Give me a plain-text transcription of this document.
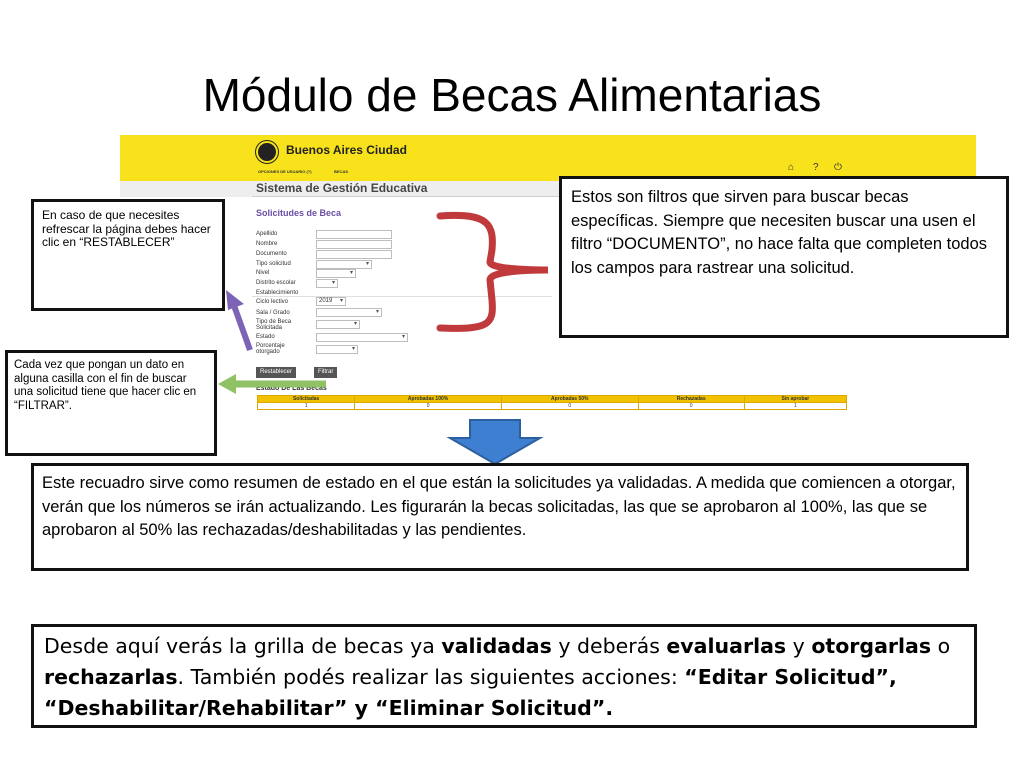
Módulo de Becas Alimentarias
Buenos Aires Ciudad
OPCIONES DE USUARIO (?)	BECAS	⌂ ? ⏻
Sistema de Gestión Educativa
Solicitudes de Beca
Apellido
Nombre
Documento
Tipo solicitud
▾
Nivel
▾
Distrito escolar
▾
Establecimiento
Ciclo lectivo	2019 ▾
Sala / Grado
▾
Tipo de Beca Solicitada
▾
Estado
▾
Porcentaje otorgado
▾
Restablecer	Filtrar
Estado De Las Becas
Solicitadas	Aprobadas 100%	Aprobadas 50%	Rechazadas	Sin aprobar
1	0	0	0	1
En caso de que necesites refrescar la página debes hacer clic en “RESTABLECER”
Estos son filtros que sirven para buscar becas específicas. Siempre que necesiten buscar una usen el filtro “DOCUMENTO”, no hace falta que completen todos los campos para rastrear una solicitud.
Cada vez que pongan un dato en alguna casilla con el fin de buscar una solicitud tiene que hacer clic en “FILTRAR”.
Este recuadro sirve como resumen de estado en el que están la solicitudes ya validadas. A medida que comiencen a otorgar, verán que los números se irán actualizando. Les figurarán la becas solicitadas, las que se aprobaron al 100%, las que se aprobaron al 50% las rechazadas/deshabilitadas y las pendientes.
Desde aquí verás la grilla de becas ya validadas y deberás evaluarlas y otorgarlas o rechazarlas. También podés realizar las siguientes acciones: “Editar Solicitud”, “Deshabilitar/Rehabilitar” y “Eliminar Solicitud”.
